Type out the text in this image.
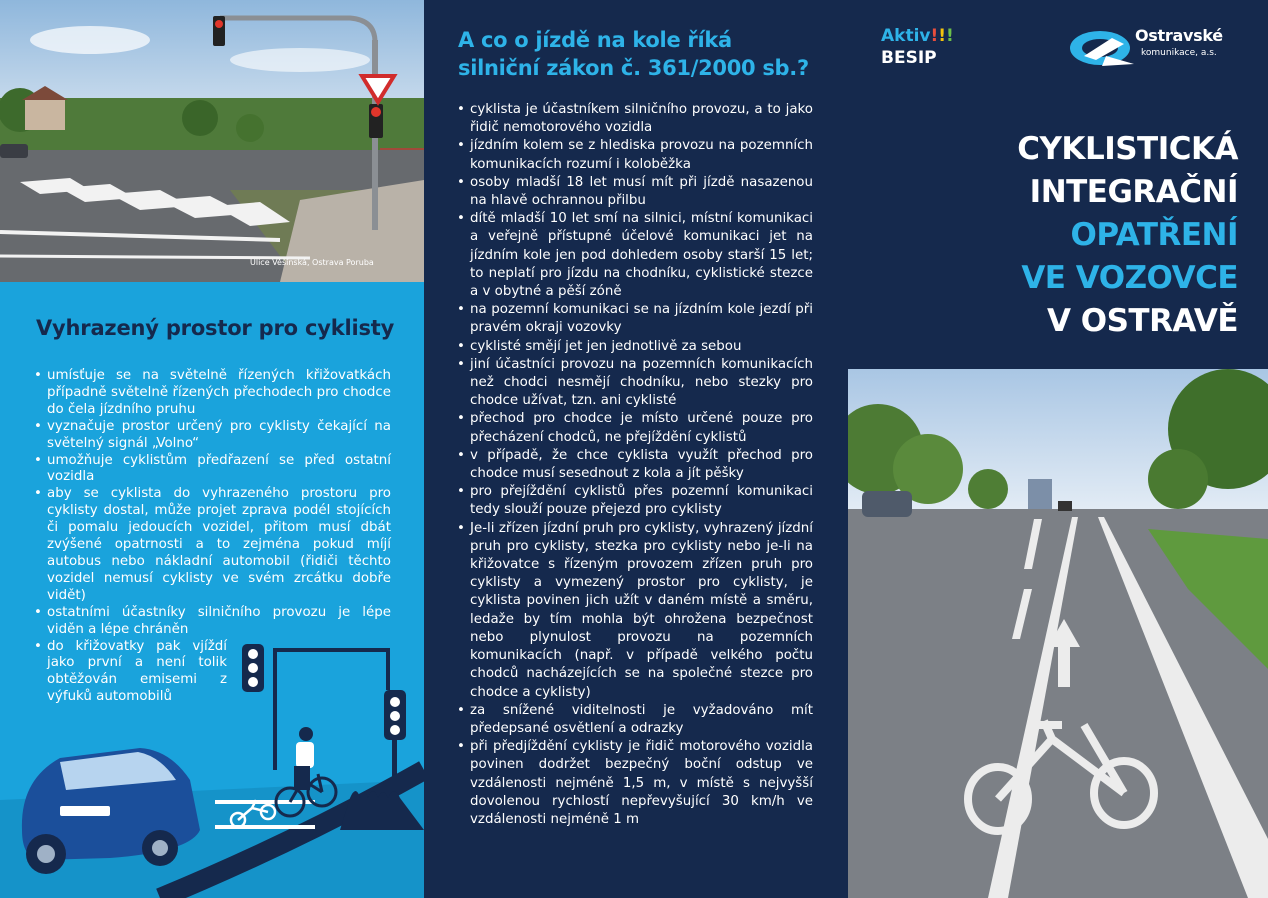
Ulice Věšínská, Ostrava Poruba
Vyhrazený prostor pro cyklisty
• umísťuje se na světelně řízených křižovatkách případně světelně řízených přechodech pro chodce do čela jízdního pruhu
• vyznačuje prostor určený pro cyklisty čekající na světelný signál „Volno“
• umožňuje cyklistům předřazení se před ostatní vozidla
• aby se cyklista do vyhrazeného prostoru pro cyklisty dostal, může projet zprava podél stojících či pomalu jedoucích vozidel, přitom musí dbát zvýšené opatrnosti a to zejména pokud míjí autobus nebo nákladní automobil (řidiči těchto vozidel nemusí cyklisty ve svém zrcátku dobře vidět)
• ostatními účastníky silničního provozu je lépe viděn a lépe chráněn
• do křižovatky pak vjíždí jako první a není tolik obtěžován emisemi z výfuků automobilů
A co o jízdě na kole říká
silniční zákon č. 361/2000 sb.?
• cyklista je účastníkem silničního provozu, a to jako řidič nemotorového vozidla
• jízdním kolem se z hlediska provozu na pozemních komunikacích rozumí i koloběžka
• osoby mladší 18 let musí mít při jízdě nasazenou na hlavě ochrannou přilbu
• dítě mladší 10 let smí na silnici, místní komunikaci a veřejně přístupné účelové komunikaci jet na jízdním kole jen pod dohledem osoby starší 15 let; to neplatí pro jízdu na chodníku, cyklistické stezce a v obytné a pěší zóně
• na pozemní komunikaci se na jízdním kole jezdí při pravém okraji vozovky
• cyklisté smějí jet jen jednotlivě za sebou
• jiní účastníci provozu na pozemních komunikacích než chodci nesmějí chodníku, nebo stezky pro chodce užívat, tzn. ani cyklisté
• přechod pro chodce je místo určené pouze pro přecházení chodců, ne přejíždění cyklistů
• v případě, že chce cyklista využít přechod pro chodce musí sesednout z kola a jít pěšky
• pro přejíždění cyklistů přes pozemní komunikaci tedy slouží pouze přejezd pro cyklisty
• Je-li zřízen jízdní pruh pro cyklisty, vyhrazený jízdní pruh pro cyklisty, stezka pro cyklisty nebo je-li na křižovatce s řízeným provozem zřízen pruh pro cyklisty a vymezený prostor pro cyklisty, je cyklista povinen jich užít v daném místě a směru, ledaže by tím mohla být ohrožena bezpečnost nebo plynulost provozu na pozemních komunikacích (např. v případě velkého počtu chodců nacházejících se na společné stezce pro chodce a cyklisty)
• za snížené viditelnosti je vyžadováno mít předepsané osvětlení a odrazky
• při předjíždění cyklisty je řidič motorového vozidla povinen dodržet bezpečný boční odstup ve vzdálenosti nejméně 1,5 m, v místě s nejvyšší dovolenou rychlostí nepřevyšující 30 km/h ve vzdálenosti nejméně 1 m
Aktiv!!!
BESIP
Ostravské
komunikace, a.s.
CYKLISTICKÁ
INTEGRAČNÍ
OPATŘENÍ
VE VOZOVCE
V OSTRAVĚ
